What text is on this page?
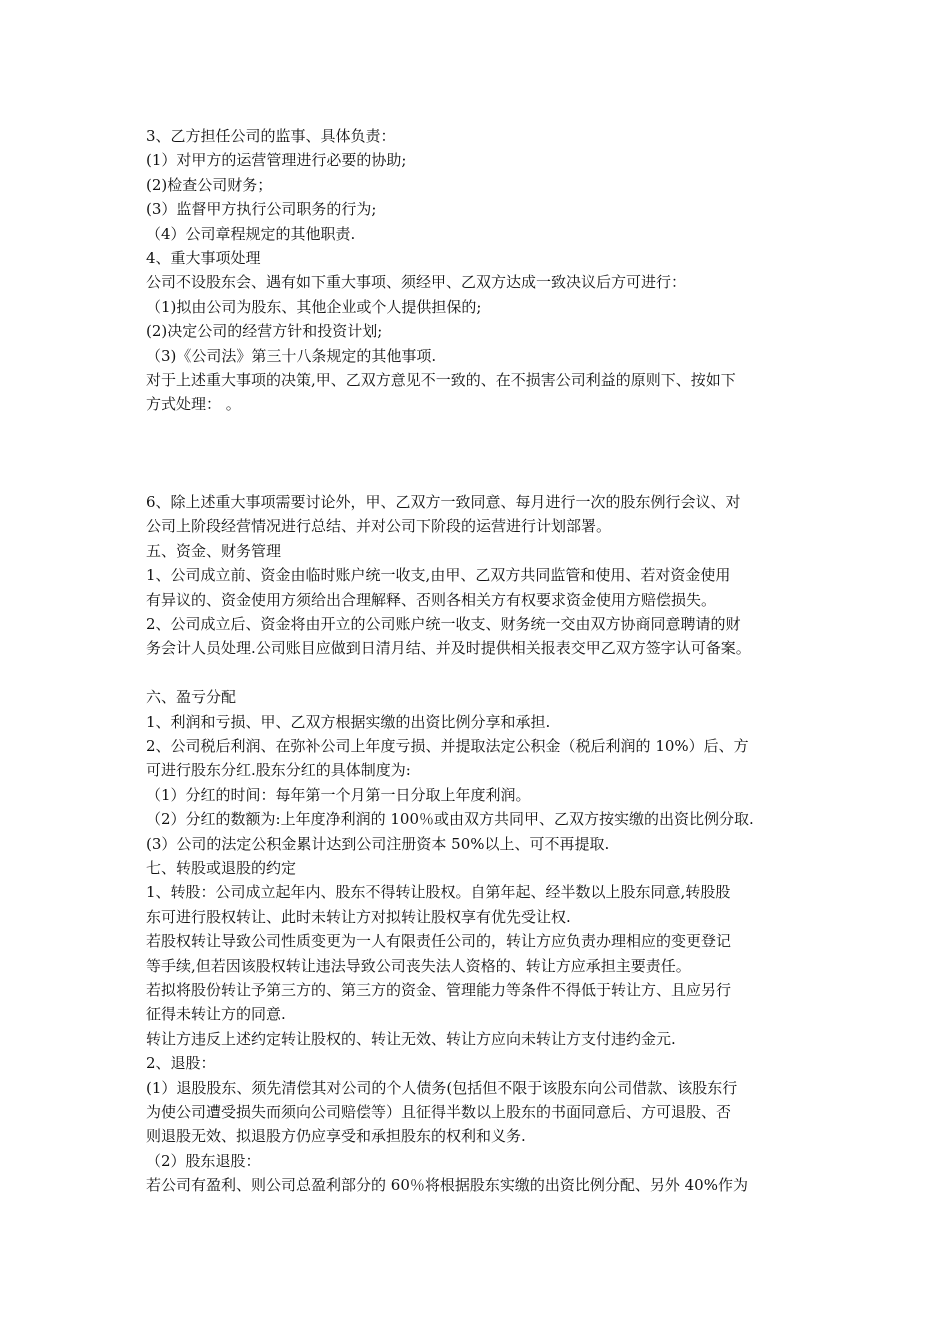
3、乙方担任公司的监事、具体负责：

(1）对甲方的运营管理进行必要的协助;

(2)检查公司财务；

(3）监督甲方执行公司职务的行为;

（4）公司章程规定的其他职责.

4、重大事项处理

公司不设股东会、遇有如下重大事项、须经甲、乙双方达成一致决议后方可进行：

（1)拟由公司为股东、其他企业或个人提供担保的;

(2)决定公司的经营方针和投资计划;

（3)《公司法》第三十八条规定的其他事项.

对于上述重大事项的决策,甲、乙双方意见不一致的、在不损害公司利益的原则下、按如下

方式处理： 。

6、除上述重大事项需要讨论外，甲、乙双方一致同意、每月进行一次的股东例行会议、对

公司上阶段经营情况进行总结、并对公司下阶段的运营进行计划部署。

五、资金、财务管理

1、公司成立前、资金由临时账户统一收支,由甲、乙双方共同监管和使用、若对资金使用

有异议的、资金使用方须给出合理解释、否则各相关方有权要求资金使用方赔偿损失。

2、公司成立后、资金将由开立的公司账户统一收支、财务统一交由双方协商同意聘请的财

务会计人员处理.公司账目应做到日清月结、并及时提供相关报表交甲乙双方签字认可备案。

六、盈亏分配

1、利润和亏损、甲、乙双方根据实缴的出资比例分享和承担.

2、公司税后利润、在弥补公司上年度亏损、并提取法定公积金（税后利润的 10%）后、方

可进行股东分红.股东分红的具体制度为:

（1）分红的时间：每年第一个月第一日分取上年度利润。

（2）分红的数额为:上年度净利润的 100％或由双方共同甲、乙双方按实缴的出资比例分取.

(3）公司的法定公积金累计达到公司注册资本 50%以上、可不再提取.

七、转股或退股的约定

1、转股：公司成立起年内、股东不得转让股权。自第年起、经半数以上股东同意,转股股

东可进行股权转让、此时未转让方对拟转让股权享有优先受让权.

若股权转让导致公司性质变更为一人有限责任公司的，转让方应负责办理相应的变更登记

等手续,但若因该股权转让违法导致公司丧失法人资格的、转让方应承担主要责任。

若拟将股份转让予第三方的、第三方的资金、管理能力等条件不得低于转让方、且应另行

征得未转让方的同意.

转让方违反上述约定转让股权的、转让无效、转让方应向未转让方支付违约金元.

2、退股：

(1）退股股东、须先清偿其对公司的个人债务(包括但不限于该股东向公司借款、该股东行

为使公司遭受损失而须向公司赔偿等）且征得半数以上股东的书面同意后、方可退股、否

则退股无效、拟退股方仍应享受和承担股东的权利和义务.

（2）股东退股：

若公司有盈利、则公司总盈利部分的 60％将根据股东实缴的出资比例分配、另外 40%作为
